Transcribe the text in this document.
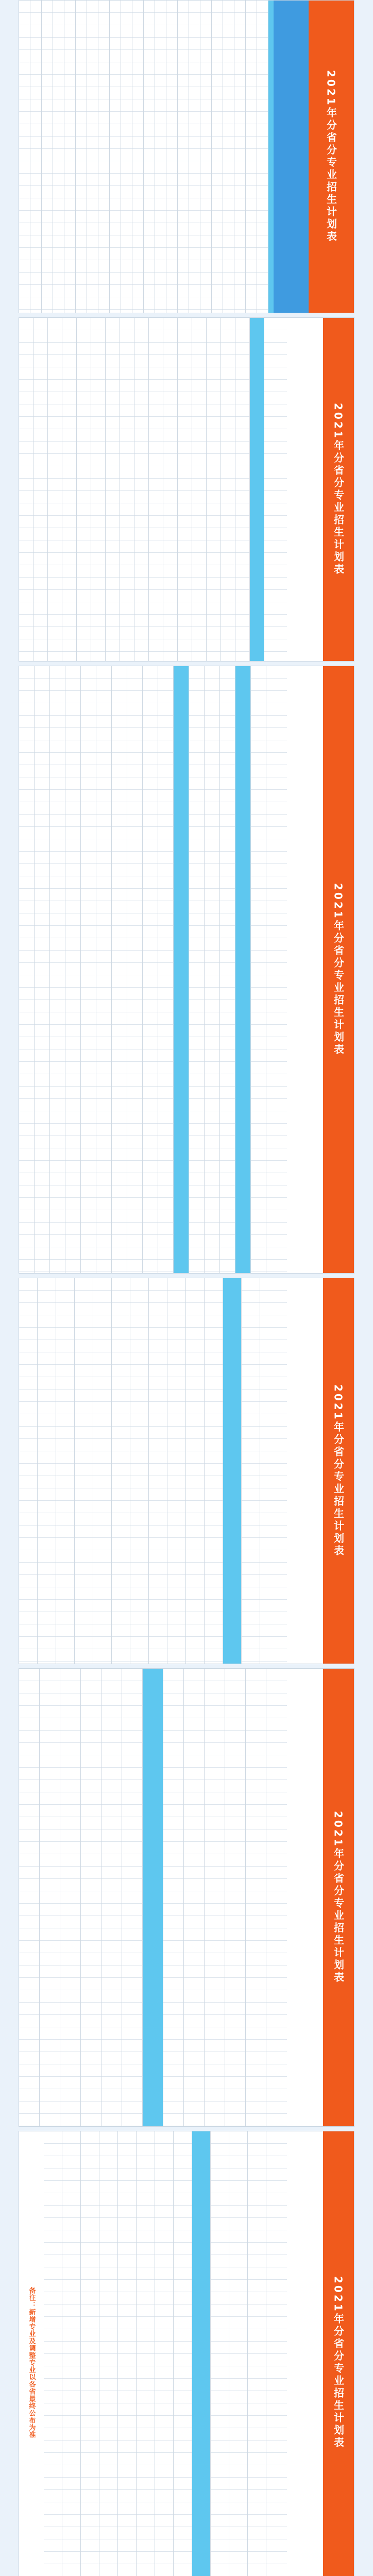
2021年分省分专业招生计划表
2021年分省分专业招生计划表
2021年分省分专业招生计划表
2021年分省分专业招生计划表
2021年分省分专业招生计划表
备注：新增专业及调整专业以各省最终公布为准	2021年分省分专业招生计划表
